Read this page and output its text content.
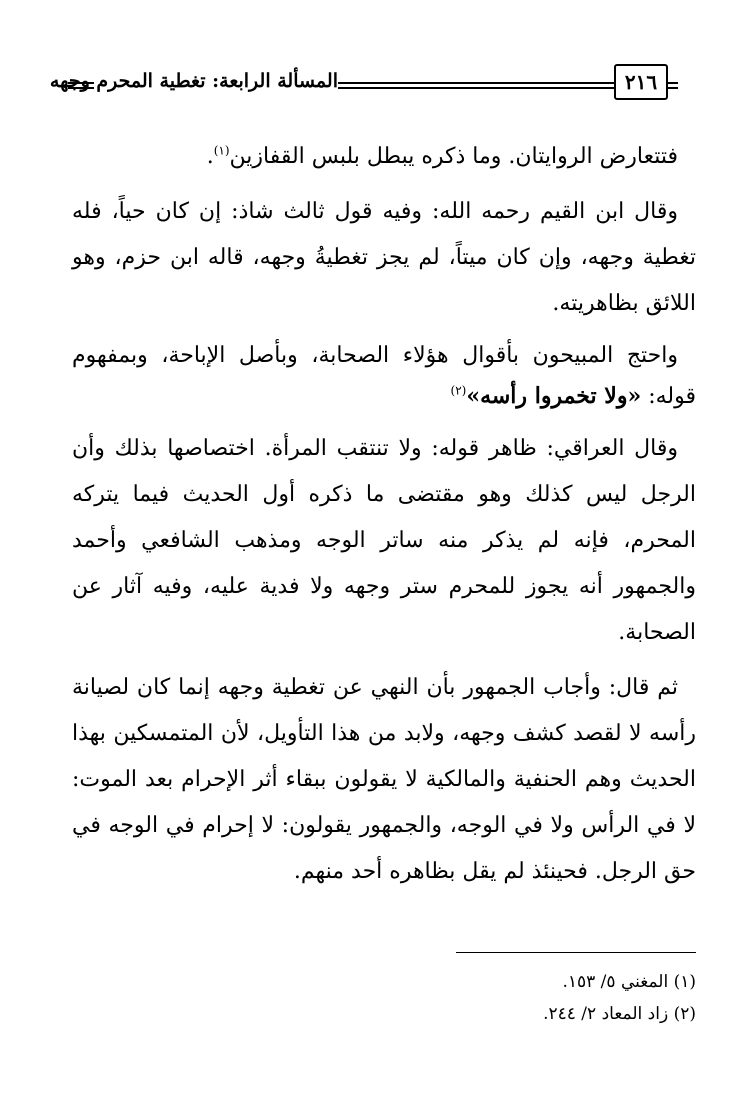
المسألة الرابعة: تغطية المحرم وجهه	٢١٦

فتتعارض الروايتان. وما ذكره يبطل بلبس القفازين$^{(١)}$.

وقال ابن القيم رحمه الله: وفيه قول ثالث شاذ: إن كان حياً، فله تغطية وجهه، وإن كان ميتاً، لم يجز تغطيةُ وجهه، قاله ابن حزم، وهو اللائق بظاهريته.

واحتج المبيحون بأقوال هؤلاء الصحابة، وبأصل الإباحة، وبمفهوم قوله: «ولا تخمروا رأسه»$^{(٢)}$

وقال العراقي: ظاهر قوله: ولا تنتقب المرأة. اختصاصها بذلك وأن الرجل ليس كذلك وهو مقتضى ما ذكره أول الحديث فيما يتركه المحرم، فإنه لم يذكر منه ساتر الوجه ومذهب الشافعي وأحمد والجمهور أنه يجوز للمحرم ستر وجهه ولا فدية عليه، وفيه آثار عن الصحابة.

ثم قال: وأجاب الجمهور بأن النهي عن تغطية وجهه إنما كان لصيانة رأسه لا لقصد كشف وجهه، ولابد من هذا التأويل، لأن المتمسكين بهذا الحديث وهم الحنفية والمالكية لا يقولون ببقاء أثر الإحرام بعد الموت: لا في الرأس ولا في الوجه، والجمهور يقولون: لا إحرام في الوجه في حق الرجل. فحينئذ لم يقل بظاهره أحد منهم.

(١) المغني ٥/ ١٥٣.
(٢) زاد المعاد ٢/ ٢٤٤.
